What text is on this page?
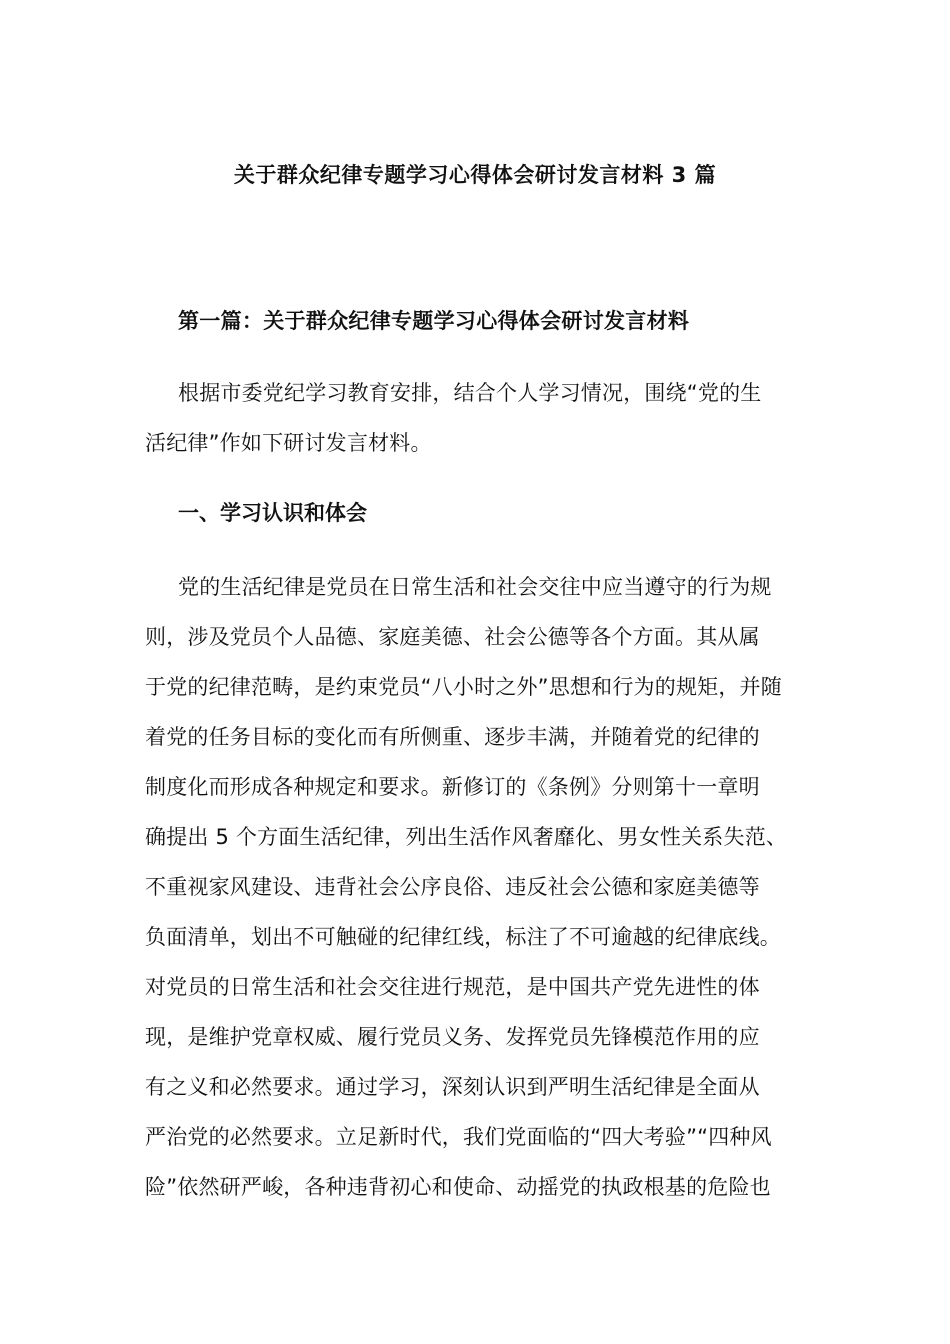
关于群众纪律专题学习心得体会研讨发言材料 3 篇
第一篇：关于群众纪律专题学习心得体会研讨发言材料
根据市委党纪学习教育安排，结合个人学习情况，围绕“党的生
活纪律”作如下研讨发言材料。
一、学习认识和体会
党的生活纪律是党员在日常生活和社会交往中应当遵守的行为规
则，涉及党员个人品德、家庭美德、社会公德等各个方面。其从属
于党的纪律范畴，是约束党员“八小时之外”思想和行为的规矩，并随
着党的任务目标的变化而有所侧重、逐步丰满，并随着党的纪律的
制度化而形成各种规定和要求。新修订的《条例》分则第十一章明
确提出 5 个方面生活纪律，列出生活作风奢靡化、男女性关系失范、
不重视家风建设、违背社会公序良俗、违反社会公德和家庭美德等
负面清单，划出不可触碰的纪律红线，标注了不可逾越的纪律底线。
对党员的日常生活和社会交往进行规范，是中国共产党先进性的体
现，是维护党章权威、履行党员义务、发挥党员先锋模范作用的应
有之义和必然要求。通过学习，深刻认识到严明生活纪律是全面从
严治党的必然要求。立足新时代，我们党面临的“四大考验”“四种风
险”依然研严峻，各种违背初心和使命、动摇党的执政根基的危险也
